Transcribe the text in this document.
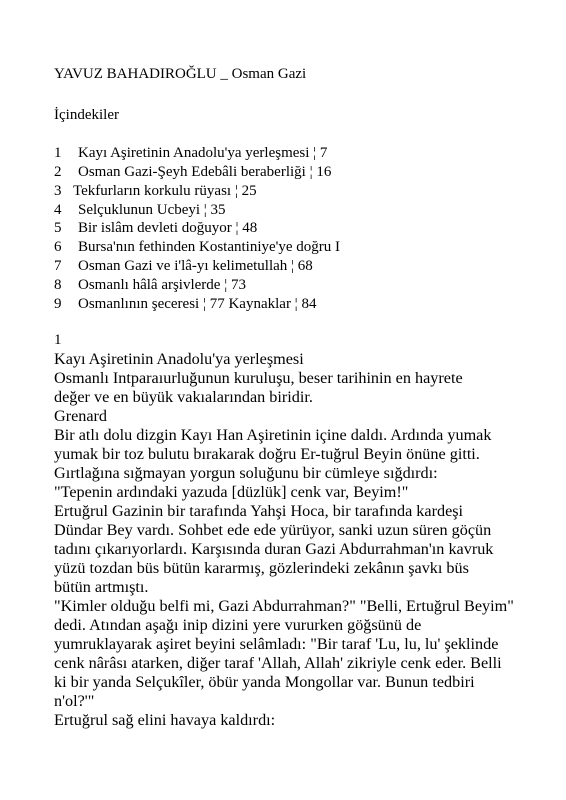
YAVUZ BAHADIROĞLU _ Osman Gazi
İçindekiler
1 Kayı Aşiretinin Anadolu'ya yerleşmesi ¦ 7
2 Osman Gazi-Şeyh Edebâli beraberliği ¦ 16
3 Tekfurların korkulu rüyası ¦ 25
4 Selçuklunun Ucbeyi ¦ 35
5 Bir islâm devleti doğuyor ¦ 48
6 Bursa'nın fethinden Kostantiniye'ye doğru I
7 Osman Gazi ve i'lâ-yı kelimetullah ¦ 68
8 Osmanlı hâlâ arşivlerde ¦ 73
9 Osmanlının şeceresi ¦ 77 Kaynaklar ¦ 84
1
Kayı Aşiretinin Anadolu'ya yerleşmesi
Osmanlı Intparaıurluğunun kuruluşu, beser tarihinin en hayrete
değer ve en büyük vakıalarından biridir.
Grenard
Bir atlı dolu dizgin Kayı Han Aşiretinin içine daldı. Ardında yumak
yumak bir toz bulutu bırakarak doğru Er-tuğrul Beyin önüne gitti.
Gırtlağına sığmayan yorgun soluğunu bir cümleye sığdırdı:
"Tepenin ardındaki yazuda [düzlük] cenk var, Beyim!"
Ertuğrul Gazinin bir tarafında Yahşi Hoca, bir tarafında kardeşi
Dündar Bey vardı. Sohbet ede ede yürüyor, sanki uzun süren göçün
tadını çıkarıyorlardı. Karşısında duran Gazi Abdurrahman'ın kavruk
yüzü tozdan büs bütün kararmış, gözlerindeki zekânın şavkı büs
bütün artmıştı.
"Kimler olduğu belfi mi, Gazi Abdurrahman?" "Belli, Ertuğrul Beyim"
dedi. Atından aşağı inip dizini yere vururken göğsünü de
yumruklayarak aşiret beyini selâmladı: "Bir taraf 'Lu, lu, lu' şeklinde
cenk nârâsı atarken, diğer taraf 'Allah, Allah' zikriyle cenk eder. Belli
ki bir yanda Selçukîler, öbür yanda Mongollar var. Bunun tedbiri
n'ol?'"
Ertuğrul sağ elini havaya kaldırdı:
